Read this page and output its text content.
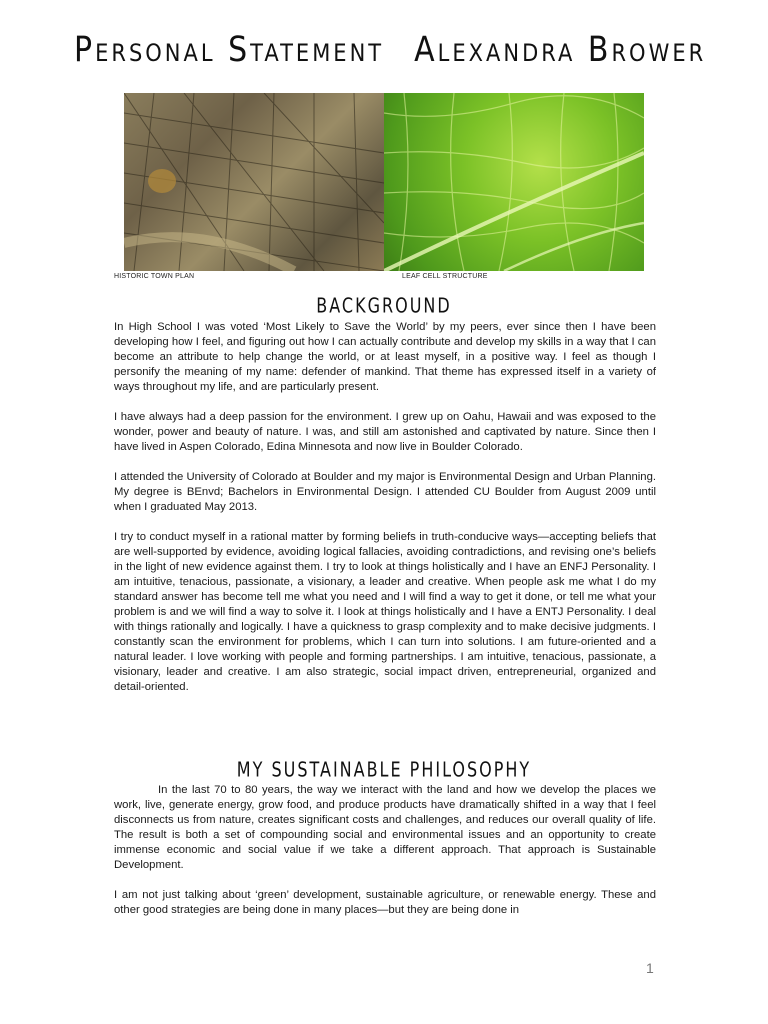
Personal Statement Alexandra Brower
HISTORIC TOWN PLAN	LEAF CELL STRUCTURE
BACKGROUND

In High School I was voted ‘Most Likely to Save the World’ by my peers, ever since then I have been developing how I feel, and figuring out how I can actually contribute and develop my skills in a way that I can become an attribute to help change the world, or at least myself, in a positive way. I feel as though I personify the meaning of my name: defender of mankind. That theme has expressed itself in a variety of ways throughout my life, and are particularly present.

I have always had a deep passion for the environment. I grew up on Oahu, Hawaii and was exposed to the wonder, power and beauty of nature. I was, and still am astonished and captivated by nature. Since then I have lived in Aspen Colorado, Edina Minnesota and now live in Boulder Colorado.

I attended the University of Colorado at Boulder and my major is Environmental Design and Urban Planning. My degree is BEnvd; Bachelors in Environmental Design. I attended CU Boulder from August 2009 until when I graduated May 2013.

I try to conduct myself in a rational matter by forming beliefs in truth-conducive ways—accepting beliefs that are well-supported by evidence, avoiding logical fallacies, avoiding contradictions, and revising one’s beliefs in the light of new evidence against them. I try to look at things holistically and I have an ENFJ Personality. I am intuitive, tenacious, passionate, a visionary, a leader and creative. When people ask me what I do my standard answer has become tell me what you need and I will find a way to get it done, or tell me what your problem is and we will find a way to solve it. I look at things holistically and I have a ENTJ Personality. I deal with things rationally and logically. I have a quickness to grasp complexity and to make decisive judgments. I constantly scan the environment for problems, which I can turn into solutions. I am future-oriented and a natural leader. I love working with people and forming partnerships. I am intuitive, tenacious, passionate, a visionary, leader and creative. I am also strategic, social impact driven, entrepreneurial, organized and detail-oriented.

MY SUSTAINABLE PHILOSOPHY

In the last 70 to 80 years, the way we interact with the land and how we develop the places we work, live, generate energy, grow food, and produce products have dramatically shifted in a way that I feel disconnects us from nature, creates significant costs and challenges, and reduces our overall quality of life. The result is both a set of compounding social and environmental issues and an opportunity to create immense economic and social value if we take a different approach. That approach is Sustainable Development.

I am not just talking about ‘green’ development, sustainable agriculture, or renewable energy. These and other good strategies are being done in many places—but they are being done in

1
